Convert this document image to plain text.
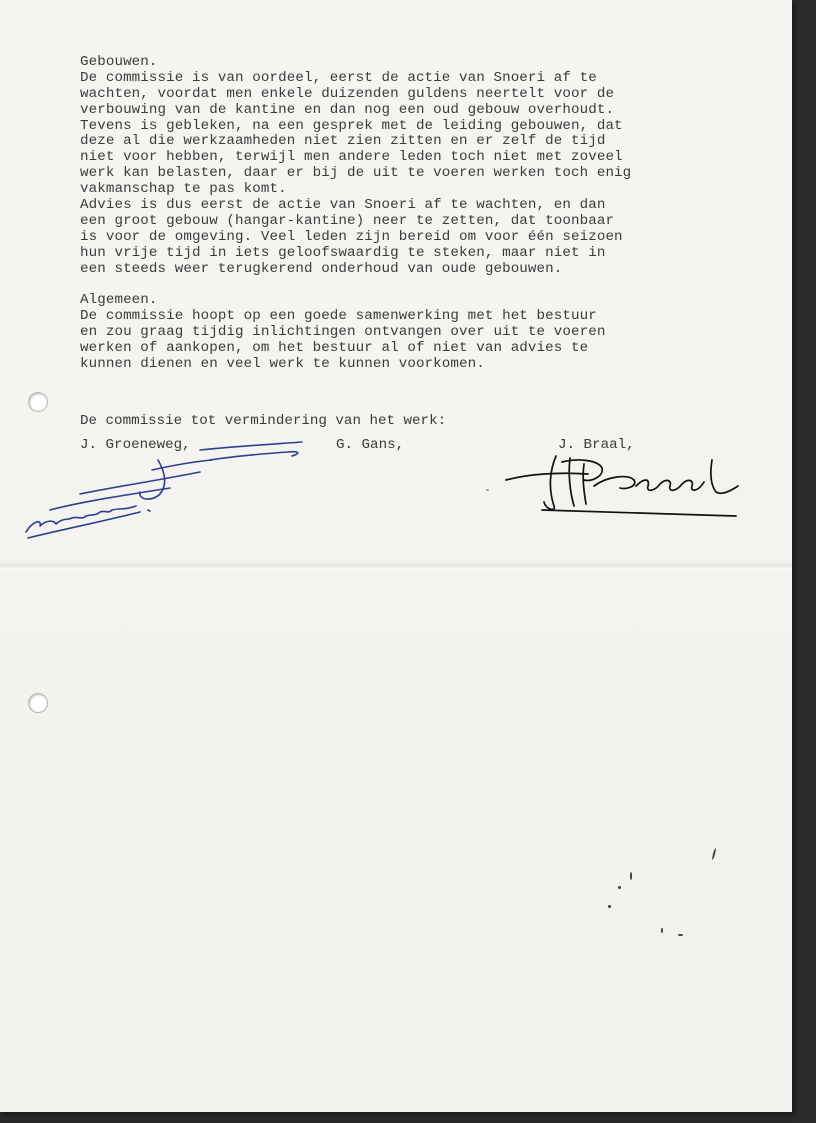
Gebouwen.
De commissie is van oordeel, eerst de actie van Snoeri af te
wachten, voordat men enkele duizenden guldens neertelt voor de
verbouwing van de kantine en dan nog een oud gebouw overhoudt.
Tevens is gebleken, na een gesprek met de leiding gebouwen, dat
deze al die werkzaamheden niet zien zitten en er zelf de tijd
niet voor hebben, terwijl men andere leden toch niet met zoveel
werk kan belasten, daar er bij de uit te voeren werken toch enig
vakmanschap te pas komt.
Advies is dus eerst de actie van Snoeri af te wachten, en dan
een groot gebouw (hangar-kantine) neer te zetten, dat toonbaar
is voor de omgeving. Veel leden zijn bereid om voor één seizoen
hun vrije tijd in iets geloofswaardig te steken, maar niet in
een steeds weer terugkerend onderhoud van oude gebouwen.
Algemeen.
De commissie hoopt op een goede samenwerking met het bestuur
en zou graag tijdig inlichtingen ontvangen over uit te voeren
werken of aankopen, om het bestuur al of niet van advies te
kunnen dienen en veel werk te kunnen voorkomen.
De commissie tot vermindering van het werk:
J. Groeneweg,	G. Gans,	J. Braal,
